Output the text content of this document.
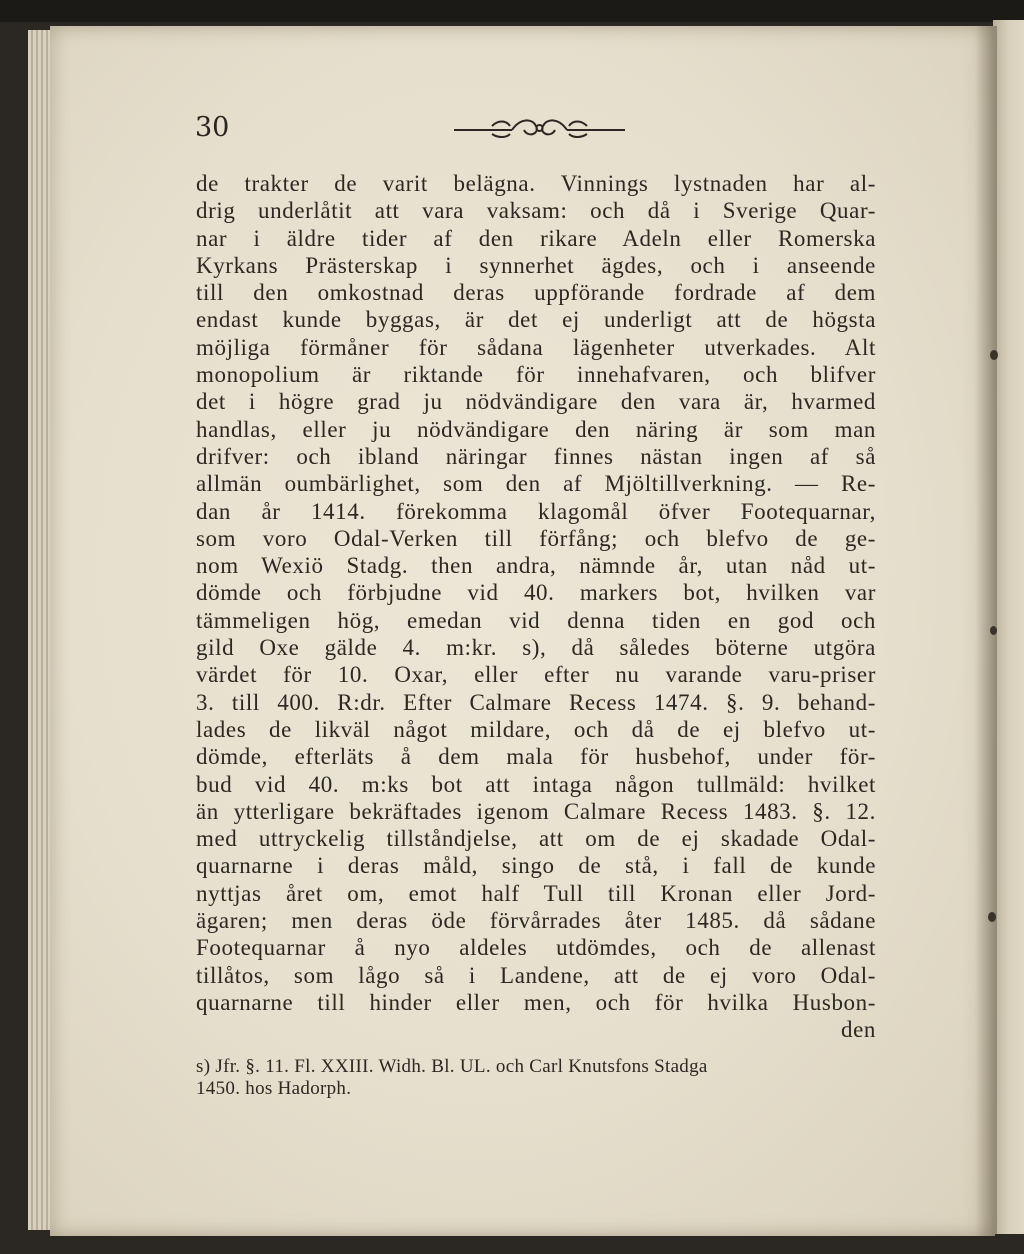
30
de trakter de varit belägna. Vinnings lystnaden har al-
drig underlåtit att vara vaksam: och då i Sverige Quar-
nar i äldre tider af den rikare Adeln eller Romerska
Kyrkans Prästerskap i synnerhet ägdes, och i anseende
till den omkostnad deras uppförande fordrade af dem
endast kunde byggas, är det ej underligt att de högsta
möjliga förmåner för sådana lägenheter utverkades. Alt
monopolium är riktande för innehafvaren, och blifver
det i högre grad ju nödvändigare den vara är, hvarmed
handlas, eller ju nödvändigare den näring är som man
drifver: och ibland näringar finnes nästan ingen af så
allmän oumbärlighet, som den af Mjöltillverkning. — Re-
dan år 1414. förekomma klagomål öfver Footequarnar,
som voro Odal-Verken till förfång; och blefvo de ge-
nom Wexiö Stadg. then andra, nämnde år, utan nåd ut-
dömde och förbjudne vid 40. markers bot, hvilken var
tämmeligen hög, emedan vid denna tiden en god och
gild Oxe gälde 4. m:kr. s), då således böterne utgöra
värdet för 10. Oxar, eller efter nu varande varu-priser
3. till 400. R:dr. Efter Calmare Recess 1474. §. 9. behand-
lades de likväl något mildare, och då de ej blefvo ut-
dömde, efterläts å dem mala för husbehof, under för-
bud vid 40. m:ks bot att intaga någon tullmäld: hvilket
än ytterligare bekräftades igenom Calmare Recess 1483. §. 12.
med uttryckelig tillståndjelse, att om de ej skadade Odal-
quarnarne i deras måld, singo de stå, i fall de kunde
nyttjas året om, emot half Tull till Kronan eller Jord-
ägaren; men deras öde förvårrades åter 1485. då sådane
Footequarnar å nyo aldeles utdömdes, och de allenast
tillåtos, som lågo så i Landene, att de ej voro Odal-
quarnarne till hinder eller men, och för hvilka Husbon-
den
s) Jfr. §. 11. Fl. XXIII. Widh. Bl. UL. och Carl Knutsfons Stadga
1450. hos Hadorph.
